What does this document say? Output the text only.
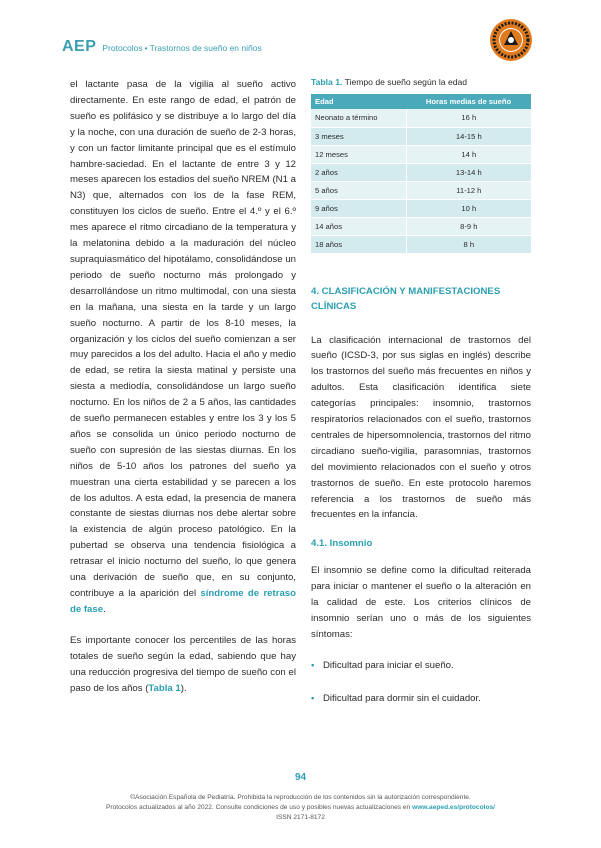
AEP Protocolos • Trastornos de sueño en niños

el lactante pasa de la vigilia al sueño activo directamente. En este rango de edad, el patrón de sueño es polifásico y se distribuye a lo largo del día y la noche, con una duración de sueño de 2-3 horas, y con un factor limitante principal que es el estímulo hambre-saciedad. En el lactante de entre 3 y 12 meses aparecen los estadios del sueño NREM (N1 a N3) que, alternados con los de la fase REM, constituyen los ciclos de sueño. Entre el 4.º y el 6.º mes aparece el ritmo circadiano de la temperatura y la melatonina debido a la maduración del núcleo supraquiasmático del hipotálamo, consolidándose un periodo de sueño nocturno más prolongado y desarrollándose un ritmo multimodal, con una siesta en la mañana, una siesta en la tarde y un largo sueño nocturno. A partir de los 8-10 meses, la organización y los ciclos del sueño comienzan a ser muy parecidos a los del adulto. Hacia el año y medio de edad, se retira la siesta matinal y persiste una siesta a mediodía, consolidándose un largo sueño nocturno. En los niños de 2 a 5 años, las cantidades de sueño permanecen estables y entre los 3 y los 5 años se consolida un único periodo nocturno de sueño con supresión de las siestas diurnas. En los niños de 5-10 años los patrones del sueño ya muestran una cierta estabilidad y se parecen a los de los adultos. A esta edad, la presencia de manera constante de siestas diurnas nos debe alertar sobre la existencia de algún proceso patológico. En la pubertad se observa una tendencia fisiológica a retrasar el inicio nocturno del sueño, lo que genera una derivación de sueño que, en su conjunto, contribuye a la aparición del síndrome de retraso de fase.

Es importante conocer los percentiles de las horas totales de sueño según la edad, sabiendo que hay una reducción progresiva del tiempo de sueño con el paso de los años (Tabla 1).

Tabla 1. Tiempo de sueño según la edad
Edad	Horas medias de sueño
Neonato a término	16 h
3 meses	14-15 h
12 meses	14 h
2 años	13-14 h
5 años	11-12 h
9 años	10 h
14 años	8-9 h
18 años	8 h
4. CLASIFICACIÓN Y MANIFESTACIONES CLÍNICAS

La clasificación internacional de trastornos del sueño (ICSD-3, por sus siglas en inglés) describe los trastornos del sueño más frecuentes en niños y adultos. Esta clasificación identifica siete categorías principales: insomnio, trastornos respiratorios relacionados con el sueño, trastornos centrales de hipersomnolencia, trastornos del ritmo circadiano sueño-vigilia, parasomnias, trastornos del movimiento relacionados con el sueño y otros trastornos de sueño. En este protocolo haremos referencia a los trastornos de sueño más frecuentes en la infancia.

4.1. Insomnio

El insomnio se define como la dificultad reiterada para iniciar o mantener el sueño o la alteración en la calidad de este. Los criterios clínicos de insomnio serían uno o más de los siguientes síntomas:

• Dificultad para iniciar el sueño.
• Dificultad para dormir sin el cuidador.
94
©Asociación Española de Pediatría. Prohibida la reproducción de los contenidos sin la autorización correspondiente.
Protocolos actualizados al año 2022. Consulte condiciones de uso y posibles nuevas actualizaciones en www.aeped.es/protocolos/
ISSN 2171-8172
